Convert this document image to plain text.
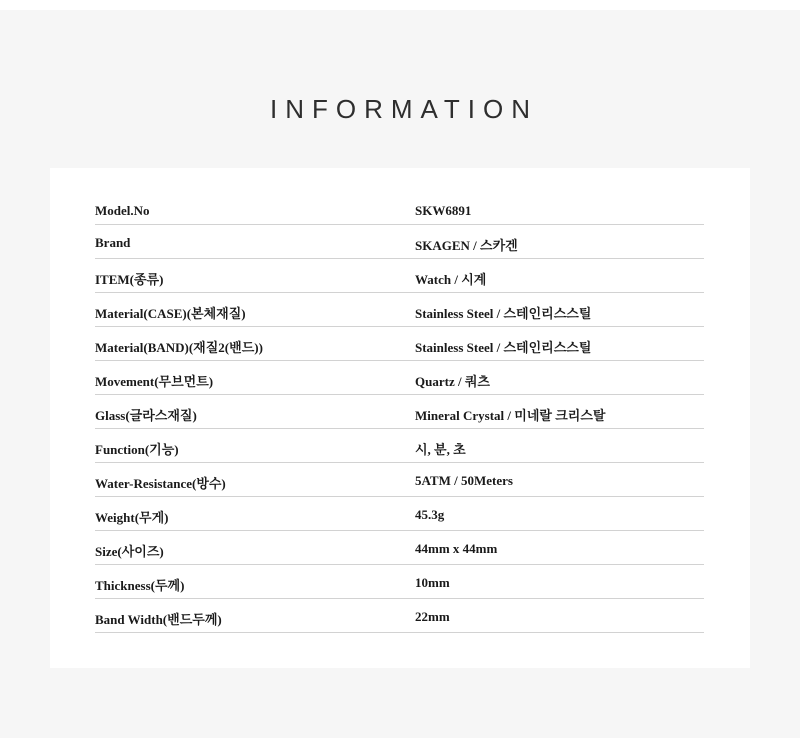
INFORMATION
Model.No	SKW6891
Brand	SKAGEN / 스카겐
ITEM(종류)	Watch / 시계
Material(CASE)(본체재질)	Stainless Steel / 스테인리스스틸
Material(BAND)(재질2(밴드))	Stainless Steel / 스테인리스스틸
Movement(무브먼트)	Quartz / 쿼츠
Glass(글라스재질)	Mineral Crystal / 미네랄 크리스탈
Function(기능)	시, 분, 초
Water-Resistance(방수)	5ATM / 50Meters
Weight(무게)	45.3g
Size(사이즈)	44mm x 44mm
Thickness(두께)	10mm
Band Width(밴드두께)	22mm
